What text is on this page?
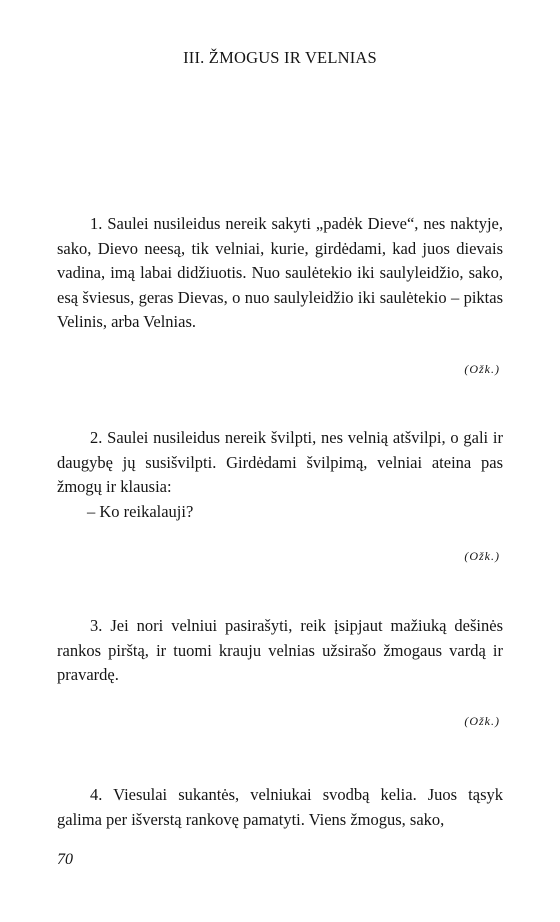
III. ŽMOGUS IR VELNIAS

1. Saulei nusileidus nereik sakyti „padėk Dieve“, nes naktyje, sako, Dievo neesą, tik velniai, kurie, girdėdami, kad juos dievais vadina, imą labai didžiuotis. Nuo saulėtekio iki saulyleidžio, sako, esą šviesus, geras Dievas, o nuo saulyleidžio iki saulėtekio – piktas Velinis, arba Velnias.

(Ožk.)

2. Saulei nusileidus nereik švilpti, nes velnią atšvilpi, o gali ir daugybę jų susišvilpti. Girdėdami švilpimą, velniai ateina pas žmogų ir klausia:

– Ko reikalauji?

(Ožk.)

3. Jei nori velniui pasirašyti, reik įsipjaut mažiuką dešinės rankos pirštą, ir tuomi krauju velnias užsirašo žmogaus vardą ir pravardę.

(Ožk.)

4. Viesulai sukantės, velniukai svodbą kelia. Juos tąsyk galima per išverstą rankovę pamatyti. Viens žmogus, sako,

70
